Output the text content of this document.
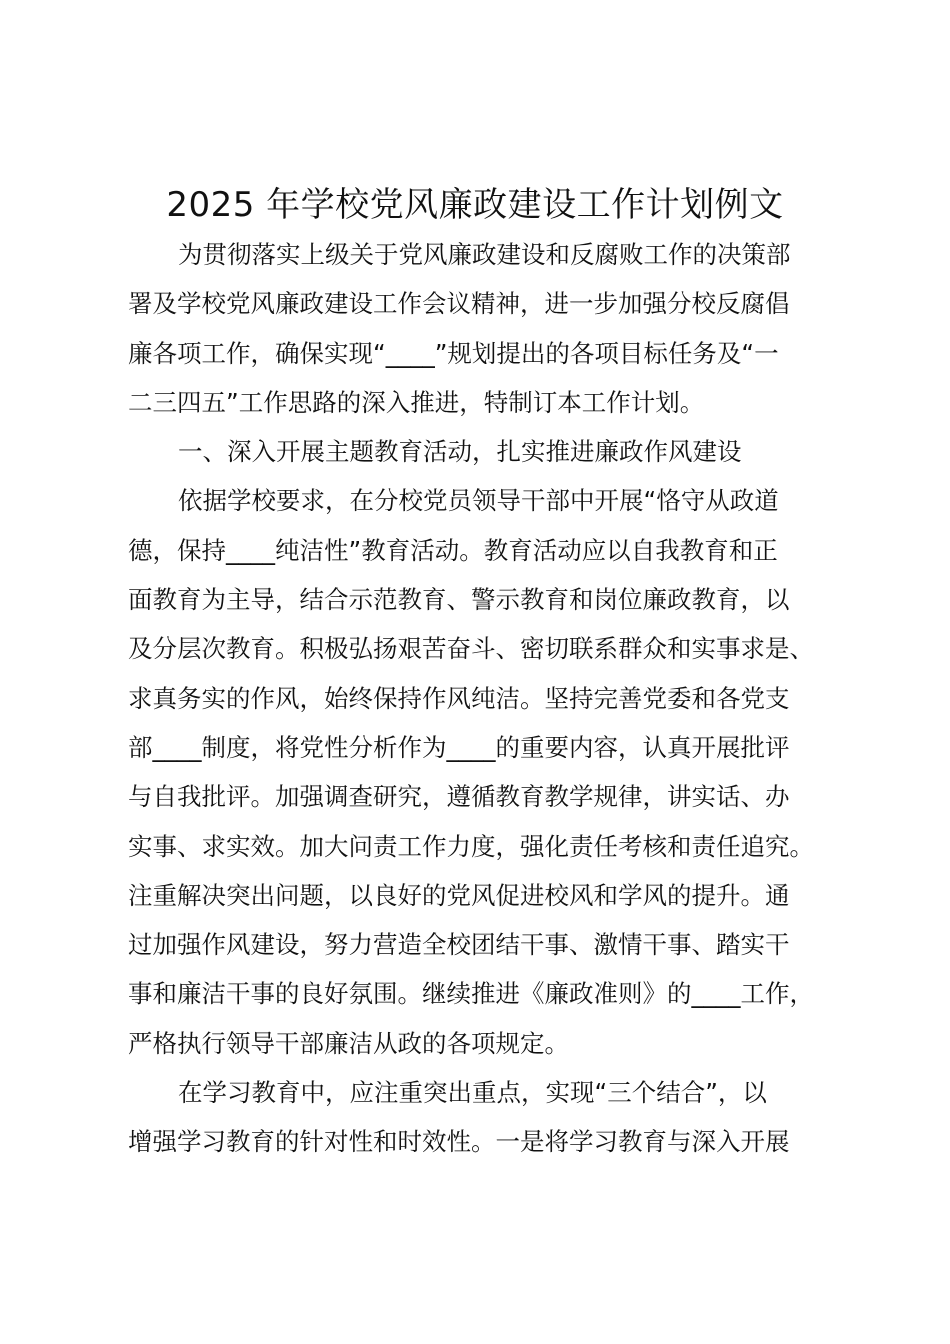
2025 年学校党风廉政建设工作计划例文

为贯彻落实上级关于党风廉政建设和反腐败工作的决策部
署及学校党风廉政建设工作会议精神，进一步加强分校反腐倡
廉各项工作，确保实现“____”规划提出的各项目标任务及“一
二三四五”工作思路的深入推进，特制订本工作计划。

一、深入开展主题教育活动，扎实推进廉政作风建设

依据学校要求，在分校党员领导干部中开展“恪守从政道
德，保持____纯洁性”教育活动。教育活动应以自我教育和正
面教育为主导，结合示范教育、警示教育和岗位廉政教育，以
及分层次教育。积极弘扬艰苦奋斗、密切联系群众和实事求是、
求真务实的作风，始终保持作风纯洁。坚持完善党委和各党支
部____制度，将党性分析作为____的重要内容，认真开展批评
与自我批评。加强调查研究，遵循教育教学规律，讲实话、办
实事、求实效。加大问责工作力度，强化责任考核和责任追究。
注重解决突出问题，以良好的党风促进校风和学风的提升。通
过加强作风建设，努力营造全校团结干事、激情干事、踏实干
事和廉洁干事的良好氛围。继续推进《廉政准则》的____工作，
严格执行领导干部廉洁从政的各项规定。

在学习教育中，应注重突出重点，实现“三个结合”，以
增强学习教育的针对性和时效性。一是将学习教育与深入开展
